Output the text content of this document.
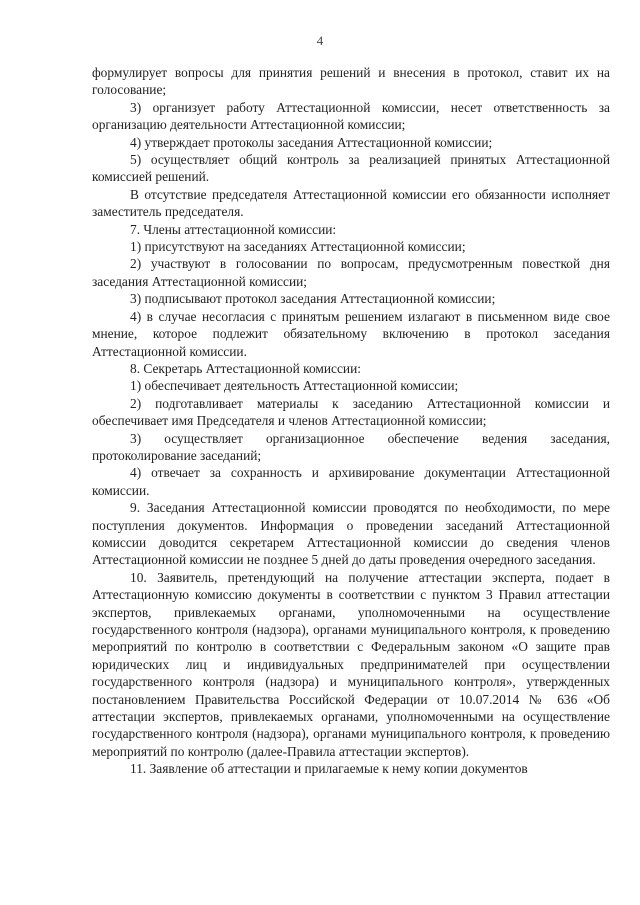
4

формулирует вопросы для принятия решений и внесения в протокол, ставит их на голосование;

3) организует работу Аттестационной комиссии, несет ответственность за организацию деятельности Аттестационной комиссии;

4) утверждает протоколы заседания Аттестационной комиссии;

5) осуществляет общий контроль за реализацией принятых Аттестационной комиссией решений.

В отсутствие председателя Аттестационной комиссии его обязанности исполняет заместитель председателя.

7. Члены аттестационной комиссии:

1) присутствуют на заседаниях Аттестационной комиссии;

2) участвуют в голосовании по вопросам, предусмотренным повесткой дня заседания Аттестационной комиссии;

3) подписывают протокол заседания Аттестационной комиссии;

4) в случае несогласия с принятым решением излагают в письменном виде свое мнение, которое подлежит обязательному включению в протокол заседания Аттестационной комиссии.

8. Секретарь Аттестационной комиссии:

1) обеспечивает деятельность Аттестационной комиссии;

2) подготавливает материалы к заседанию Аттестационной комиссии и обеспечивает имя Председателя и членов Аттестационной комиссии;

3) осуществляет организационное обеспечение ведения заседания, протоколирование заседаний;

4) отвечает за сохранность и архивирование документации Аттестационной комиссии.

9. Заседания Аттестационной комиссии проводятся по необходимости, по мере поступления документов. Информация о проведении заседаний Аттестационной комиссии доводится секретарем Аттестационной комиссии до сведения членов Аттестационной комиссии не позднее 5 дней до даты проведения очередного заседания.

10. Заявитель, претендующий на получение аттестации эксперта, подает в Аттестационную комиссию документы в соответствии с пунктом 3 Правил аттестации экспертов, привлекаемых органами, уполномоченными на осуществление государственного контроля (надзора), органами муниципального контроля, к проведению мероприятий по контролю в соответствии с Федеральным законом «О защите прав юридических лиц и индивидуальных предпринимателей при осуществлении государственного контроля (надзора) и муниципального контроля», утвержденных постановлением Правительства Российской Федерации от 10.07.2014 № 636 «Об аттестации экспертов, привлекаемых органами, уполномоченными на осуществление государственного контроля (надзора), органами муниципального контроля, к проведению мероприятий по контролю (далее-Правила аттестации экспертов).

11. Заявление об аттестации и прилагаемые к нему копии документов
